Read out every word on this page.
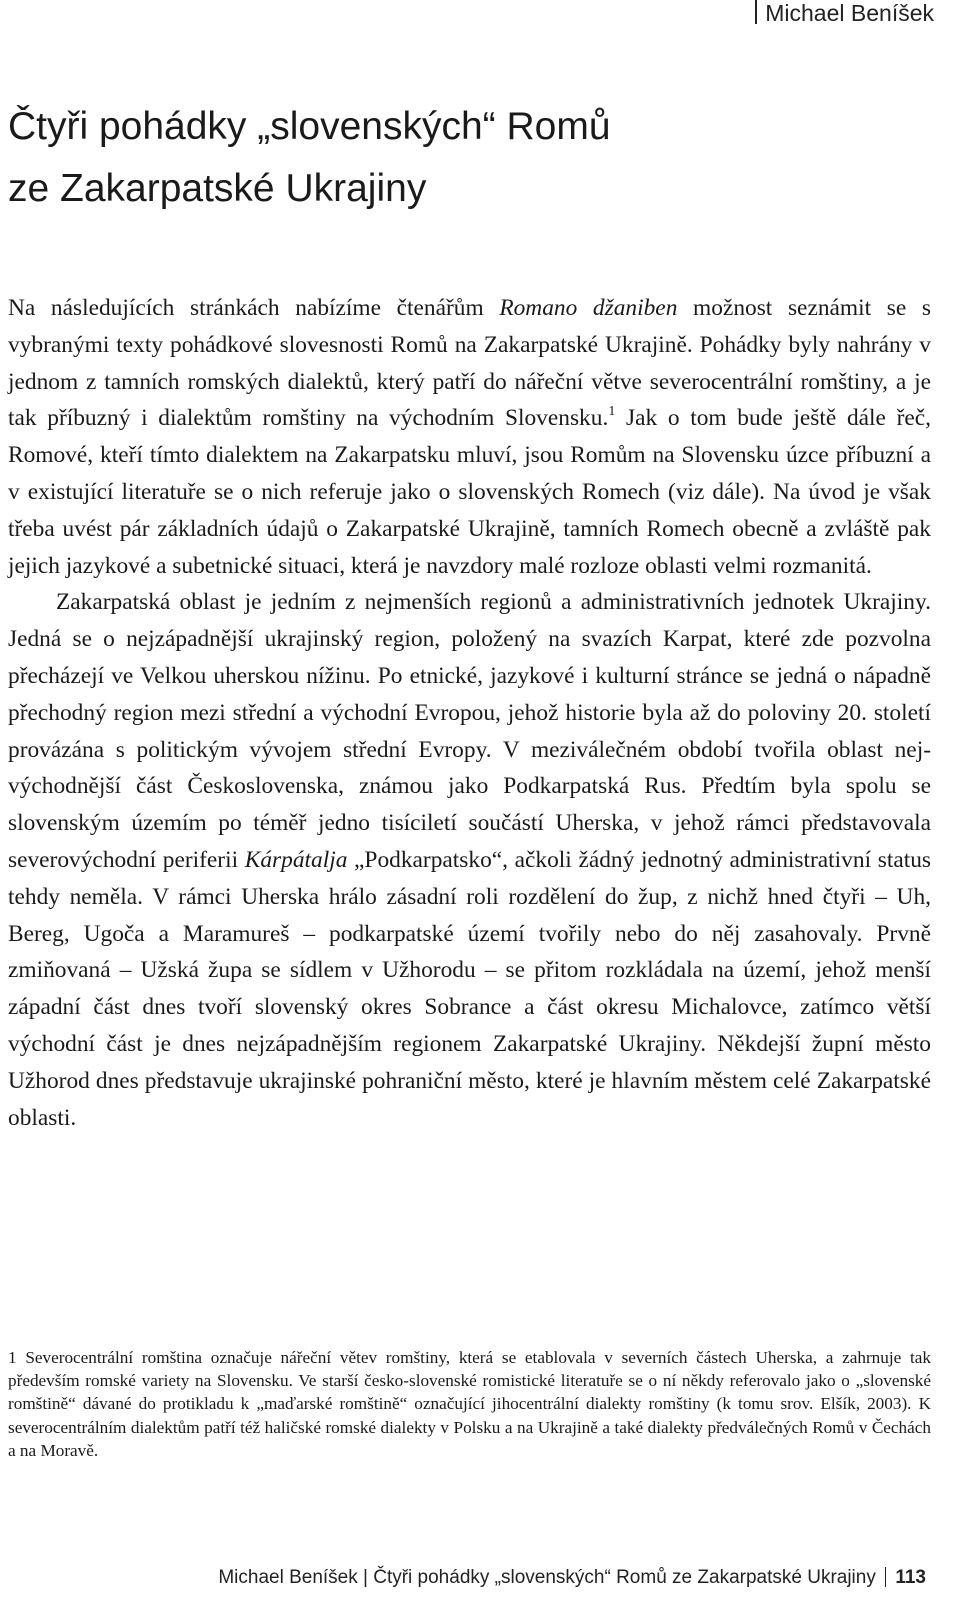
Michael Beníšek
Čtyři pohádky „slovenských“ Romů
ze Zakarpatské Ukrajiny

Na následujících stránkách nabízíme čtenářům Romano džaniben možnost seznámit se s vybranými texty pohádkové slovesnosti Romů na Zakarpatské Ukrajině. Pohádky byly nahrány v jednom z tamních romských dialektů, který patří do nářeční větve severocentrální romštiny, a je tak příbuzný i dialektům romštiny na východním Slovensku.$^1$ Jak o tom bude ještě dále řeč, Romové, kteří tímto dialektem na Zakarpatsku mluví, jsou Romům na Slovensku úzce příbuzní a v existující literatuře se o nich referuje jako o slovenských Romech (viz dále). Na úvod je však třeba uvést pár základních údajů o Zakarpatské Ukrajině, tamních Romech obecně a zvláště pak jejich jazykové a subetnické situaci, která je navzdory malé rozloze oblasti velmi rozmanitá.

Zakarpatská oblast je jedním z nejmenších regionů a administrativních jednotek Ukrajiny. Jedná se o nejzápadnější ukrajinský region, položený na svazích Karpat, které zde pozvolna přecházejí ve Velkou uherskou nížinu. Po etnické, jazykové i kulturní stránce se jedná o nápadně přechodný region mezi střední a východní Evropou, jehož historie byla až do poloviny 20. století provázána s politickým vývojem střední Evropy. V meziválečném období tvořila oblast nejvýchodnější část Československa, známou jako Podkarpatská Rus. Předtím byla spolu se slovenským územím po téměř jedno tisíciletí součástí Uherska, v jehož rámci představovala severovýchodní periferii Kárpátalja „Podkarpatsko“, ačkoli žádný jednotný administrativní status tehdy neměla. V rámci Uherska hrálo zásadní roli rozdělení do žup, z nichž hned čtyři – Uh, Bereg, Ugoča a Maramureš – podkarpatské území tvořily nebo do něj zasahovaly. Prvně zmiňovaná – Užská župa se sídlem v Užhorodu – se přitom rozkládala na území, jehož menší západní část dnes tvoří slovenský okres Sobrance a část okresu Michalovce, zatímco větší východní část je dnes nejzápadnějším regionem Zakarpatské Ukrajiny. Někdejší župní město Užhorod dnes představuje ukrajinské pohraniční město, které je hlavním městem celé Zakarpatské oblasti.

1 Severocentrální romština označuje nářeční větev romštiny, která se etablovala v severních částech Uherska, a zahrnuje tak především romské variety na Slovensku. Ve starší česko-slovenské romistické literatuře se o ní někdy referovalo jako o „slovenské romštině“ dávané do protikladu k „maďarské romštině“ označující jihocentrální dialekty romštiny (k tomu srov. Elšík, 2003). K severocentrálním dialektům patří též haličské romské dialekty v Polsku a na Ukrajině a také dialekty předválečných Romů v Čechách a na Moravě.

Michael Beníšek | Čtyři pohádky „slovenských“ Romů ze Zakarpatské Ukrajiny 113
